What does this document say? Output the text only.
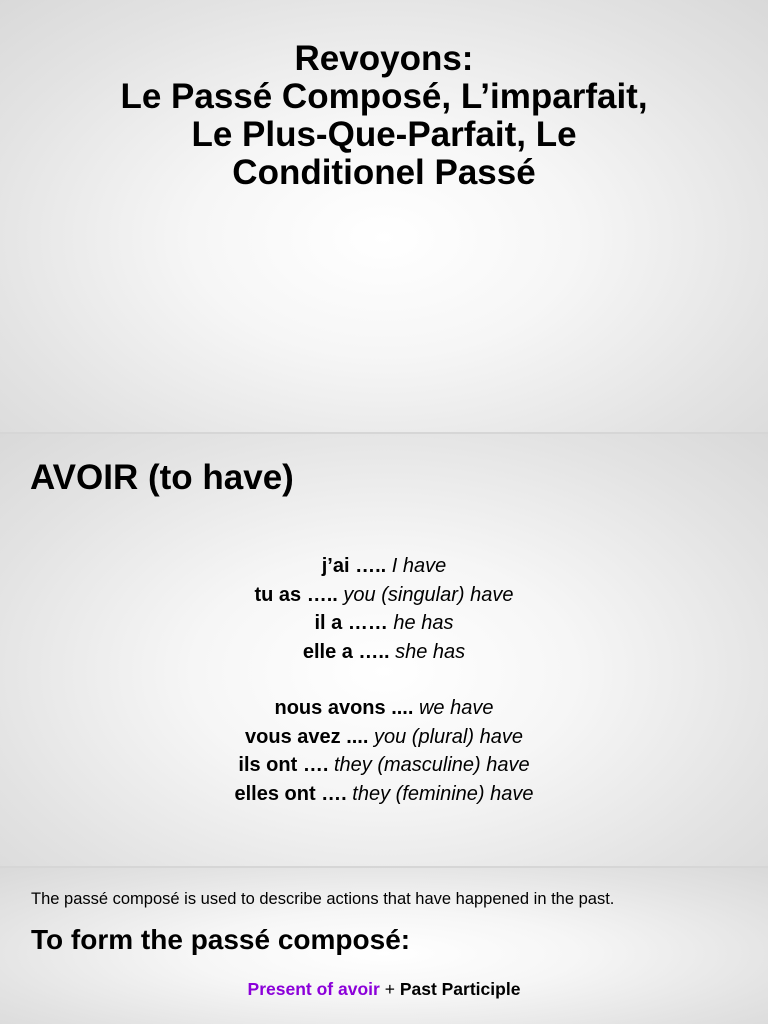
Revoyons:
Le Passé Composé, L’imparfait,
Le Plus-Que-Parfait, Le
Conditionel Passé
AVOIR (to have)
j’ai ….. I have
tu as ….. you (singular) have
il a …… he has
elle a ….. she has
nous avons .... we have
vous avez .... you (plural) have
ils ont …. they (masculine) have
elles ont …. they (feminine) have
The passé composé is used to describe actions that have happened in the past.
To form the passé composé:
Present of avoir + Past Participle
